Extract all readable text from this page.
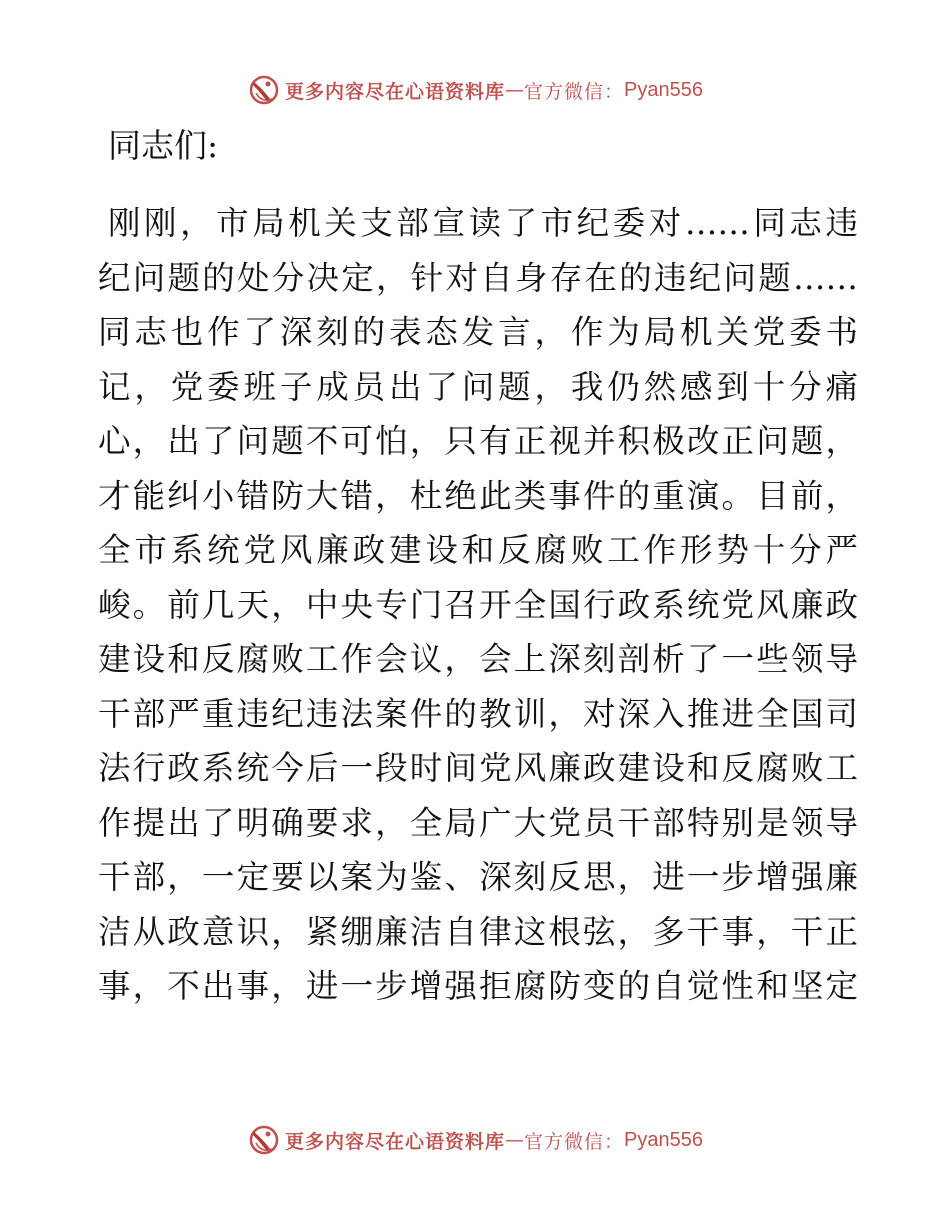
更多内容尽在心语资料库 — 官方微信： Pyan556

同志们:

刚刚，市局机关支部宣读了市纪委对……同志违
纪问题的处分决定，针对自身存在的违纪问题……
同志也作了深刻的表态发言，作为局机关党委书
记，党委班子成员出了问题，我仍然感到十分痛
心，出了问题不可怕，只有正视并积极改正问题，
才能纠小错防大错，杜绝此类事件的重演。目前，
全市系统党风廉政建设和反腐败工作形势十分严
峻。前几天，中央专门召开全国行政系统党风廉政
建设和反腐败工作会议，会上深刻剖析了一些领导
干部严重违纪违法案件的教训，对深入推进全国司
法行政系统今后一段时间党风廉政建设和反腐败工
作提出了明确要求，全局广大党员干部特别是领导
干部，一定要以案为鉴、深刻反思，进一步增强廉
洁从政意识，紧绷廉洁自律这根弦，多干事，干正
事，不出事，进一步增强拒腐防变的自觉性和坚定
更多内容尽在心语资料库 — 官方微信： Pyan556
